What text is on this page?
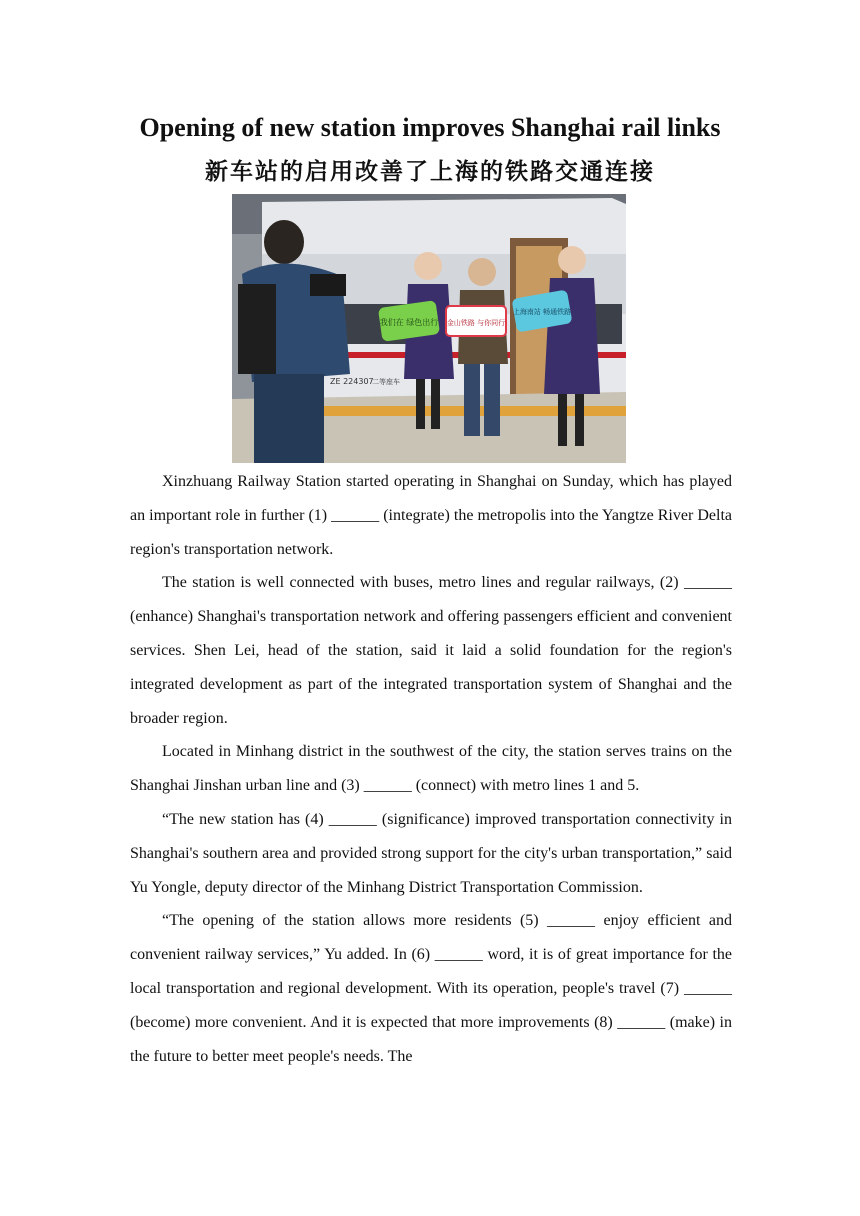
Opening of new station improves Shanghai rail links
新车站的启用改善了上海的铁路交通连接
我们在 绿色出行 金山铁路 与你同行
上海南站 畅通铁路
ZE 224307
二等座车

Xinzhuang Railway Station started operating in Shanghai on Sunday, which has played an important role in further (1) ______ (integrate) the metropolis into the Yangtze River Delta region's transportation network.

The station is well connected with buses, metro lines and regular railways, (2) ______ (enhance) Shanghai's transportation network and offering passengers efficient and convenient services. Shen Lei, head of the station, said it laid a solid foundation for the region's integrated development as part of the integrated transportation system of Shanghai and the broader region.

Located in Minhang district in the southwest of the city, the station serves trains on the Shanghai Jinshan urban line and (3) ______ (connect) with metro lines 1 and 5.

“The new station has (4) ______ (significance) improved transportation connectivity in Shanghai's southern area and provided strong support for the city's urban transportation,” said Yu Yongle, deputy director of the Minhang District Transportation Commission.

“The opening of the station allows more residents (5) ______ enjoy efficient and convenient railway services,” Yu added. In (6) ______ word, it is of great importance for the local transportation and regional development. With its operation, people's travel (7) ______ (become) more convenient. And it is expected that more improvements (8) ______ (make) in the future to better meet people's needs. The
